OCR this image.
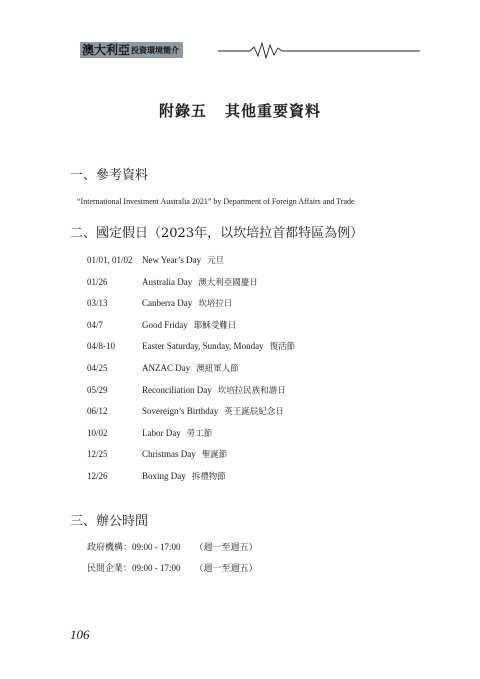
澳大利亞 投資環境簡介
附錄五 其他重要資料
一、參考資料
“International Investment Australia 2021” by Department of Foreign Affairs and Trade
二、國定假日（2023年，以坎培拉首都特區為例）
01/01, 01/02 New Year’s Day 元旦
01/26	Australia Day 澳大利亞國慶日
03/13	Canberra Day 坎培拉日
04/7	Good Friday 耶穌受難日
04/8-10	Easter Saturday, Sunday, Monday 復活節
04/25	ANZAC Day 澳紐軍人節
05/29	Reconciliation Day 坎培拉民族和諧日
06/12	Sovereign’s Birthday 英王誕辰紀念日
10/02	Labor Day 勞工節
12/25	Christmas Day 聖誕節
12/26	Boxing Day 拆禮物節
三、辦公時間
政府機構：09:00 - 17:00 （週一至週五）
民間企業：09:00 - 17:00 （週一至週五）
106
